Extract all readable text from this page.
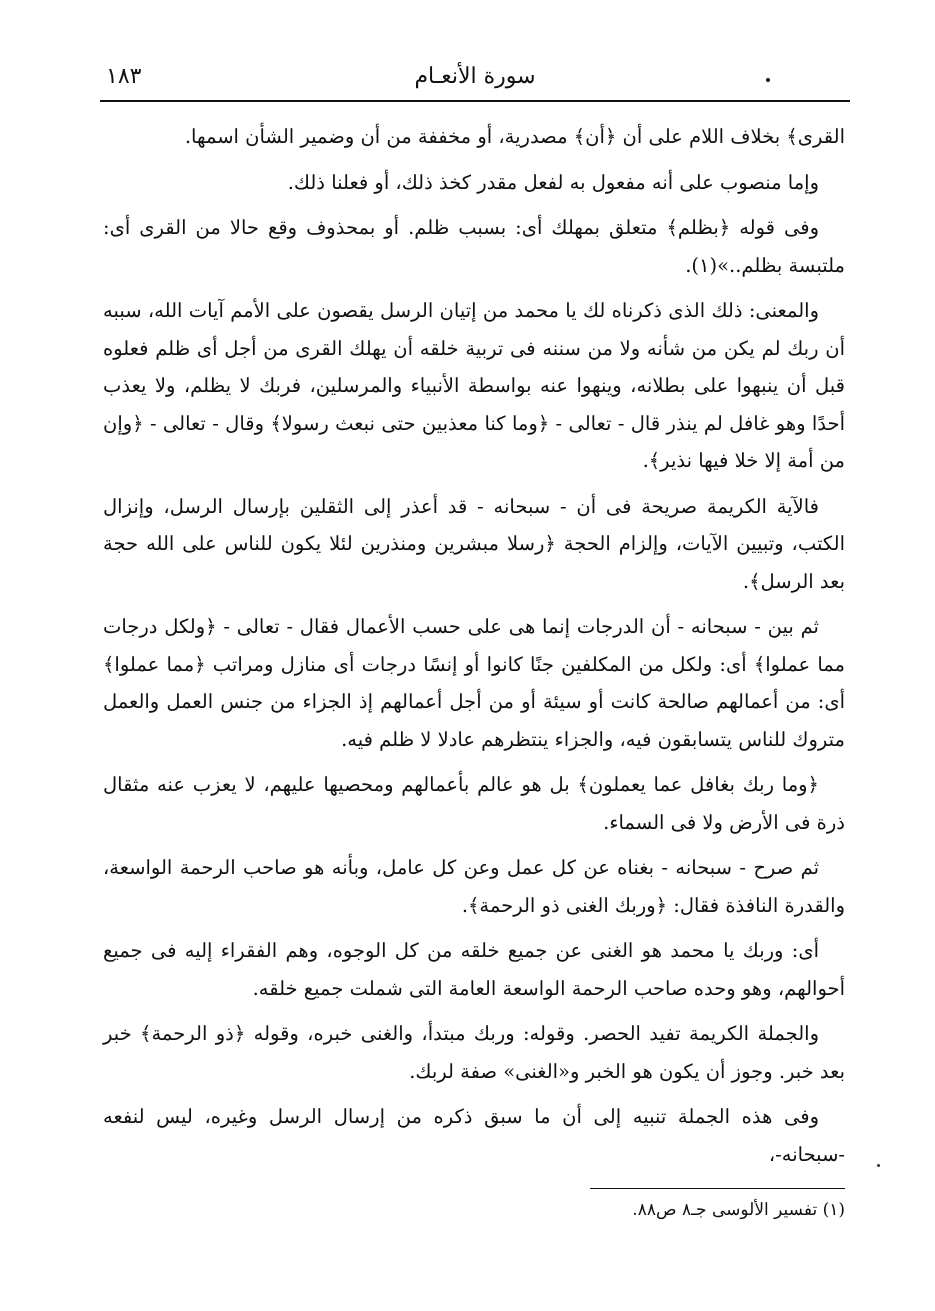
١٨٣	سورة الأنعـام

القرى﴾ بخلاف اللام على أن ﴿أن﴾ مصدرية، أو مخففة من أن وضمير الشأن اسمها.

وإما منصوب على أنه مفعول به لفعل مقدر كخذ ذلك، أو فعلنا ذلك.

وفى قوله ﴿بظلم﴾ متعلق بمهلك أى: بسبب ظلم. أو بمحذوف وقع حالا من القرى أى: ملتبسة بظلم..»(١).

والمعنى: ذلك الذى ذكرناه لك يا محمد من إتيان الرسل يقصون على الأمم آيات الله، سببه أن ربك لم يكن من شأنه ولا من سننه فى تربية خلقه أن يهلك القرى من أجل أى ظلم فعلوه قبل أن ينبهوا على بطلانه، وينهوا عنه بواسطة الأنبياء والمرسلين، فربك لا يظلم، ولا يعذب أحدًا وهو غافل لم ينذر قال - تعالى - ﴿وما كنا معذبين حتى نبعث رسولا﴾ وقال - تعالى - ﴿وإن من أمة إلا خلا فيها نذير﴾.

فالآية الكريمة صريحة فى أن - سبحانه - قد أعذر إلى الثقلين بإرسال الرسل، وإنزال الكتب، وتبيين الآيات، وإلزام الحجة ﴿رسلا مبشرين ومنذرين لئلا يكون للناس على الله حجة بعد الرسل﴾.

ثم بين - سبحانه - أن الدرجات إنما هى على حسب الأعمال فقال - تعالى - ﴿ولكل درجات مما عملوا﴾ أى: ولكل من المكلفين جنًا كانوا أو إنسًا درجات أى منازل ومراتب ﴿مما عملوا﴾ أى: من أعمالهم صالحة كانت أو سيئة أو من أجل أعمالهم إذ الجزاء من جنس العمل والعمل متروك للناس يتسابقون فيه، والجزاء ينتظرهم عادلا لا ظلم فيه.

﴿وما ربك بغافل عما يعملون﴾ بل هو عالم بأعمالهم ومحصيها عليهم، لا يعزب عنه مثقال ذرة فى الأرض ولا فى السماء.

ثم صرح - سبحانه - بغناه عن كل عمل وعن كل عامل، وبأنه هو صاحب الرحمة الواسعة، والقدرة النافذة فقال: ﴿وربك الغنى ذو الرحمة﴾.

أى: وربك يا محمد هو الغنى عن جميع خلقه من كل الوجوه، وهم الفقراء إليه فى جميع أحوالهم، وهو وحده صاحب الرحمة الواسعة العامة التى شملت جميع خلقه.

والجملة الكريمة تفيد الحصر. وقوله: وربك مبتدأ، والغنى خبره، وقوله ﴿ذو الرحمة﴾ خبر بعد خبر. وجوز أن يكون هو الخبر و«الغنى» صفة لربك.

وفى هذه الجملة تنبيه إلى أن ما سبق ذكره من إرسال الرسل وغيره، ليس لنفعه -سبحانه-،

(١) تفسير الألوسى جـ٨ ص٨٨.
